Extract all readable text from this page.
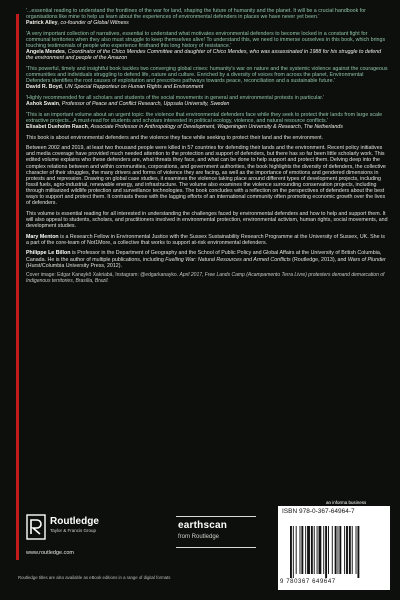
'...essential reading to understand the frontlines of the war for land, shaping the future of humanity and the planet. It will be a crucial handbook for organisations like mine to help us learn about the experiences of environmental defenders in places we have never yet been.'
Patrick Alley, co-founder of Global Witness
'A very important collection of narratives, essential to understand what motivates environmental defenders to become locked in a constant fight for communal territories when they also must struggle to keep themselves alive! To understand this, we need to immerse ourselves in this book, which brings touching testimonials of people who experience firsthand this long history of resistance.'
Angela Mendes, Coordinator of the Chico Mendes Committee and daughter of Chico Mendes, who was assassinated in 1988 for his struggle to defend the environment and people of the Amazon
'This powerful, timely and insightful book tackles two converging global crises: humanity's war on nature and the systemic violence against the courageous communities and individuals struggling to defend life, nature and culture. Enriched by a diversity of voices from across the planet, Environmental Defenders identifies the root causes of exploitation and prescribes pathways towards peace, reconciliation and a sustainable future.'
David R. Boyd, UN Special Rapporteur on Human Rights and Environment
'Highly recommended for all scholars and students of the social movements in general and environmental protests in particular.'
Ashok Swain, Professor of Peace and Conflict Research, Uppsala University, Sweden
'This is an important volume about an urgent topic: the violence that environmental defenders face while they seek to protect their lands from large scale extractive projects...A must-read for students and scholars interested in political ecology, violence, and natural resource conflicts.'
Elisabet Dueholm Rasch, Associate Professor in Anthropology of Development, Wageningen University & Research, The Netherlands
This book is about environmental defenders and the violence they face while seeking to protect their land and the environment.
Between 2002 and 2019, at least two thousand people were killed in 57 countries for defending their lands and the environment. Recent policy initiatives and media coverage have provided much needed attention to the protection and support of defenders, but there has so far been little scholarly work. This edited volume explains who these defenders are, what threats they face, and what can be done to help support and protect them. Delving deep into the complex relations between and within communities, corporations, and government authorities, the book highlights the diversity of defenders, the collective character of their struggles, the many drivers and forms of violence they are facing, as well as the importance of emotions and gendered dimensions in protests and repression. Drawing on global case studies, it examines the violence taking place around different types of development projects, including fossil fuels, agro-industrial, renewable energy, and infrastructure. The volume also examines the violence surrounding conservation projects, including through militarized wildlife protection and surveillance technologies. The book concludes with a reflection on the perspectives of defenders about the best ways to support and protect them. It contrasts these with the lagging efforts of an international community often promoting economic growth over the lives of defenders.
This volume is essential reading for all interested in understanding the challenges faced by environmental defenders and how to help and support them. It will also appeal to students, scholars, and practitioners involved in environmental protection, environmental activism, human rights, social movements, and development studies.
Mary Menton is a Research Fellow in Environmental Justice with the Sussex Sustainability Research Programme at the University of Sussex, UK. She is a part of the core-team of Not1More, a collective that works to support at-risk environmental defenders.
Philippe Le Billon is Professor in the Department of Geography and the School of Public Policy and Global Affairs at the University of British Columbia, Canada. He is the author of multiple publications, including Fuelling War: Natural Resources and Armed Conflicts (Routledge, 2013), and Wars of Plunder (Hurst/Columbia University Press, 2012).
Cover image: Edgar Kanaykõ Xakriabá, Instagram: @edgarkanayko. April 2017, Free Lands Camp (Acampamento Terra Livre) protesters demand demarcation of Indigenous territories, Brasília, Brazil.
Routledge
Taylor & Francis Group
www.routledge.com
Routledge titles are also available as eBook editions in a range of digital formats
earthscan
from Routledge
an informa business
ISBN 978-0-367-64964-7
9 780367 649647
